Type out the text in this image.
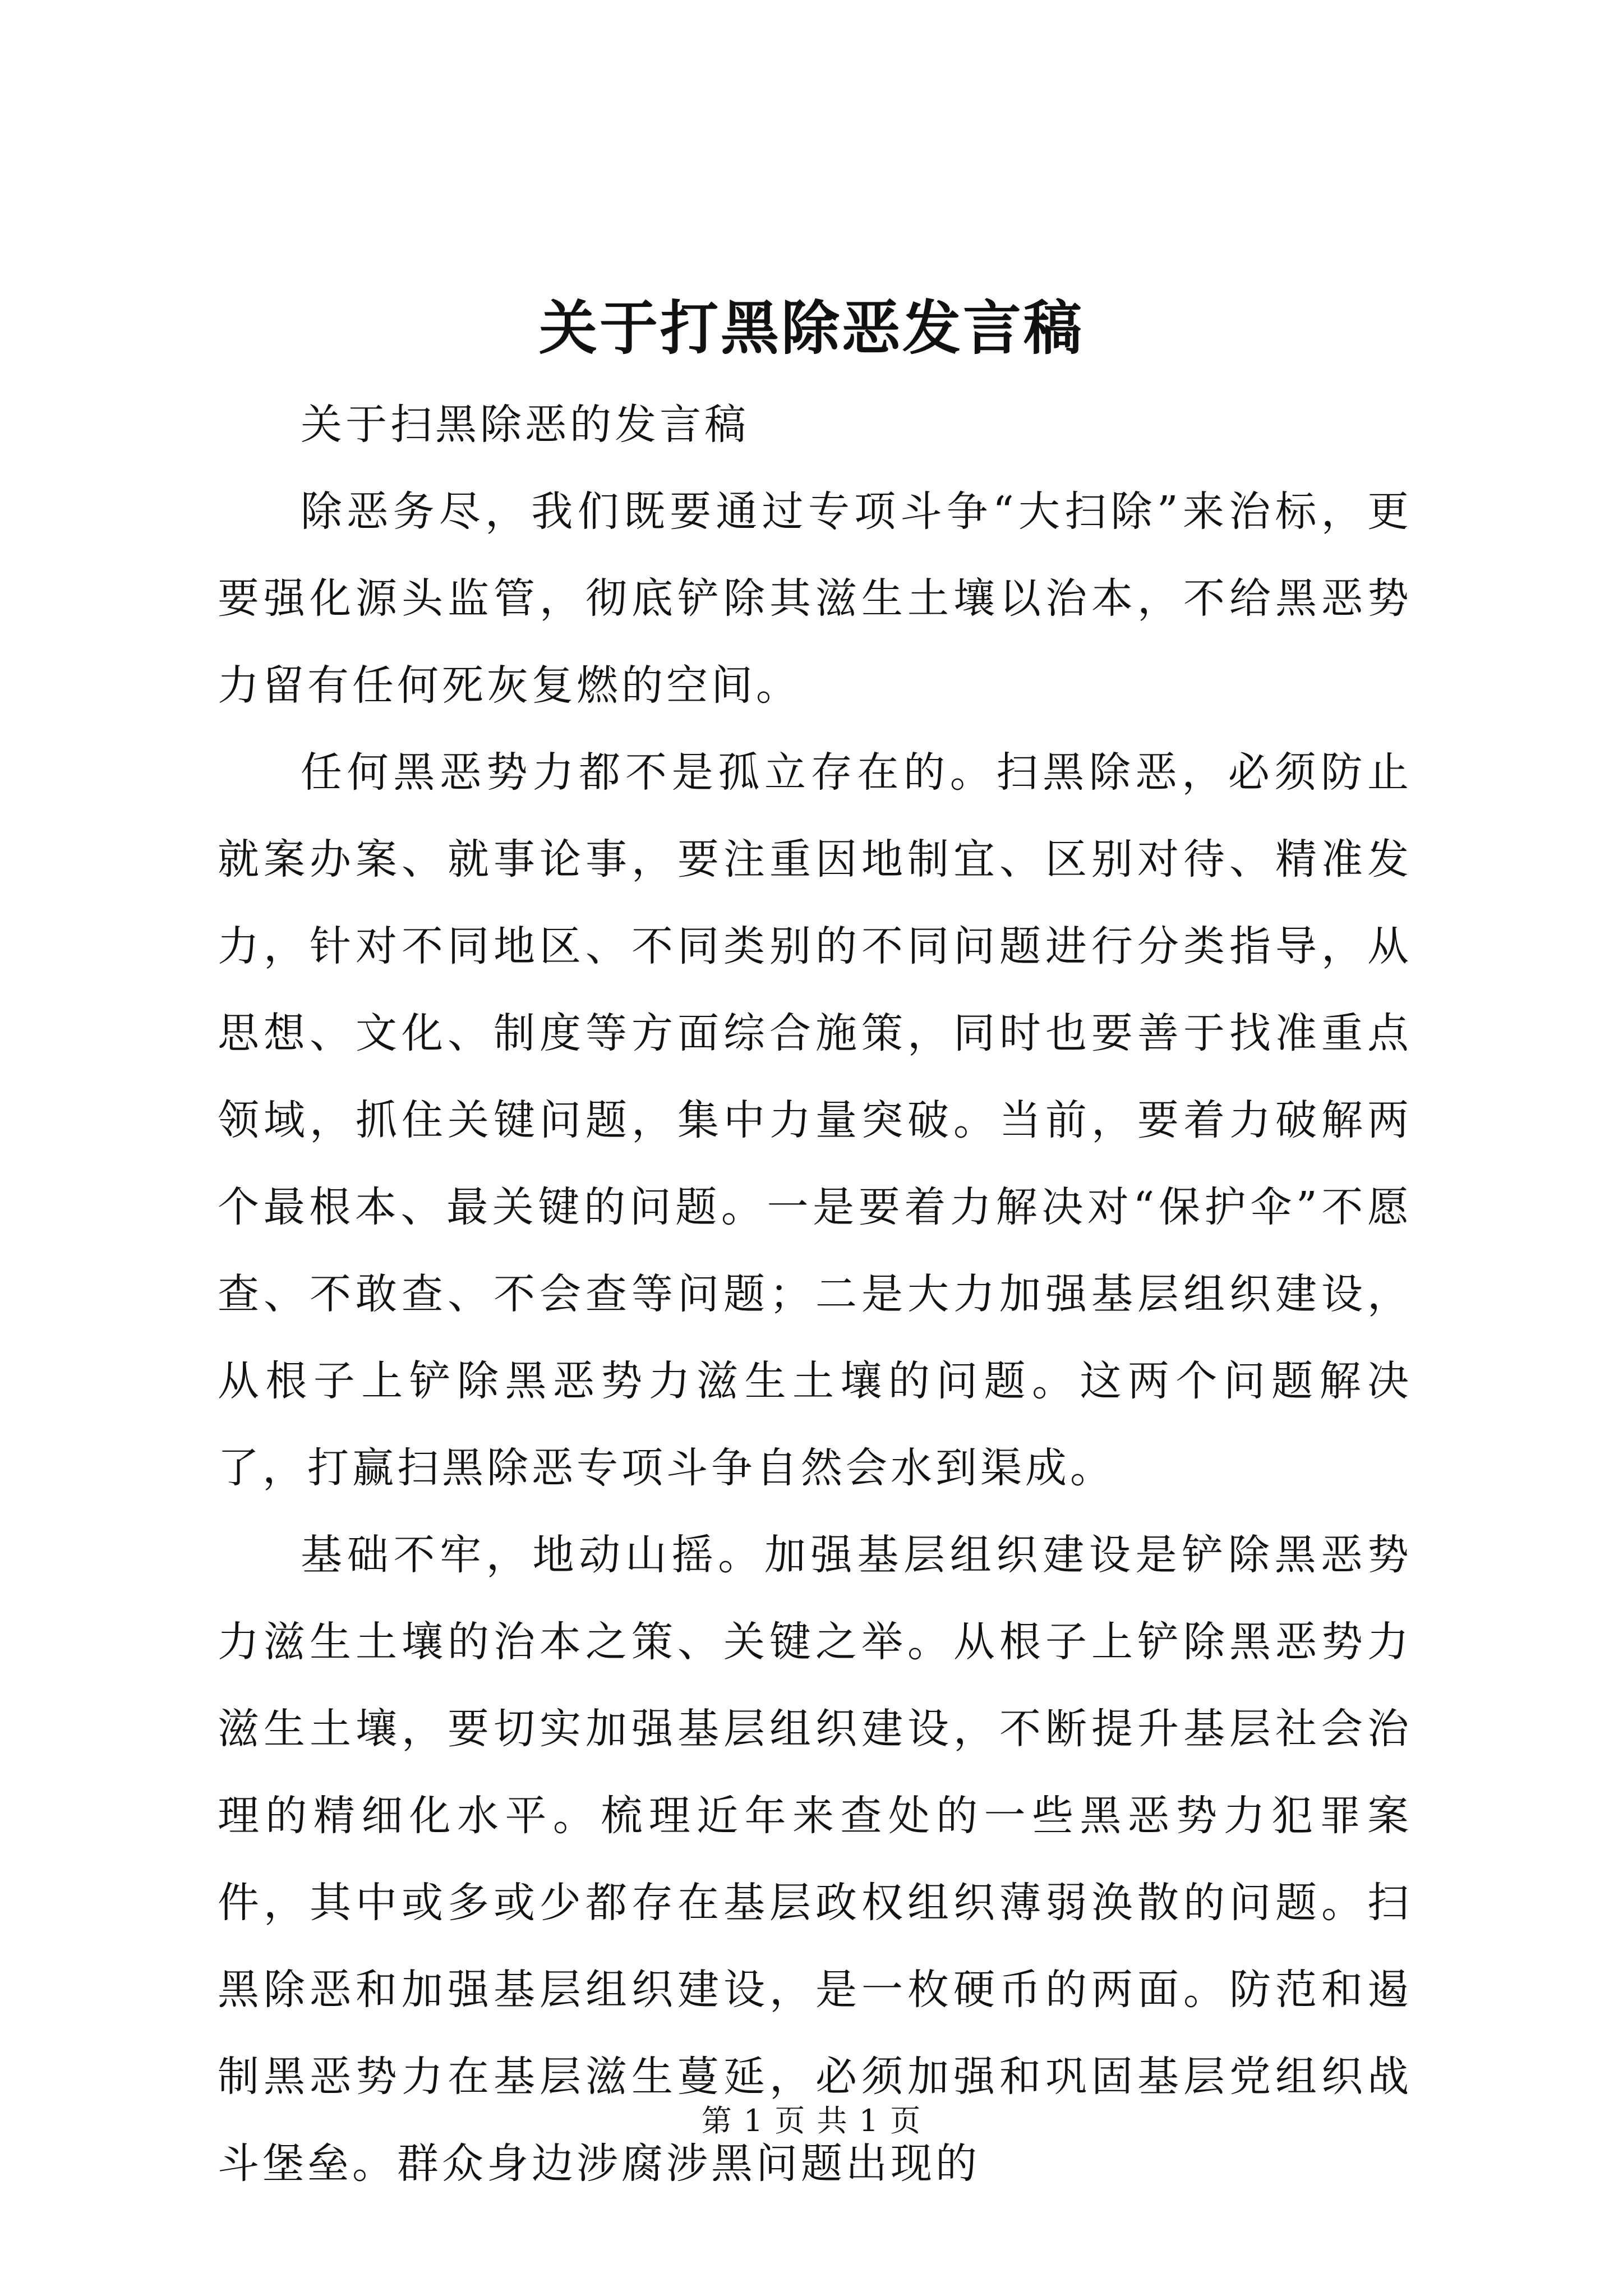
关于打黑除恶发言稿

关于扫黑除恶的发言稿

除恶务尽，我们既要通过专项斗争“大扫除”来治标，更要强化源头监管，彻底铲除其滋生土壤以治本，不给黑恶势力留有任何死灰复燃的空间。

任何黑恶势力都不是孤立存在的。扫黑除恶，必须防止就案办案、就事论事，要注重因地制宜、区别对待、精准发力，针对不同地区、不同类别的不同问题进行分类指导，从思想、文化、制度等方面综合施策，同时也要善于找准重点领域，抓住关键问题，集中力量突破。当前，要着力破解两个最根本、最关键的问题。一是要着力解决对“保护伞”不愿查、不敢查、不会查等问题；二是大力加强基层组织建设，从根子上铲除黑恶势力滋生土壤的问题。这两个问题解决了，打赢扫黑除恶专项斗争自然会水到渠成。

基础不牢，地动山摇。加强基层组织建设是铲除黑恶势力滋生土壤的治本之策、关键之举。从根子上铲除黑恶势力滋生土壤，要切实加强基层组织建设，不断提升基层社会治理的精细化水平。梳理近年来查处的一些黑恶势力犯罪案件，其中或多或少都存在基层政权组织薄弱涣散的问题。扫黑除恶和加强基层组织建设，是一枚硬币的两面。防范和遏制黑恶势力在基层滋生蔓延，必须加强和巩固基层党组织战斗堡垒。群众身边涉腐涉黑问题出现的

第 1 页 共 1 页
